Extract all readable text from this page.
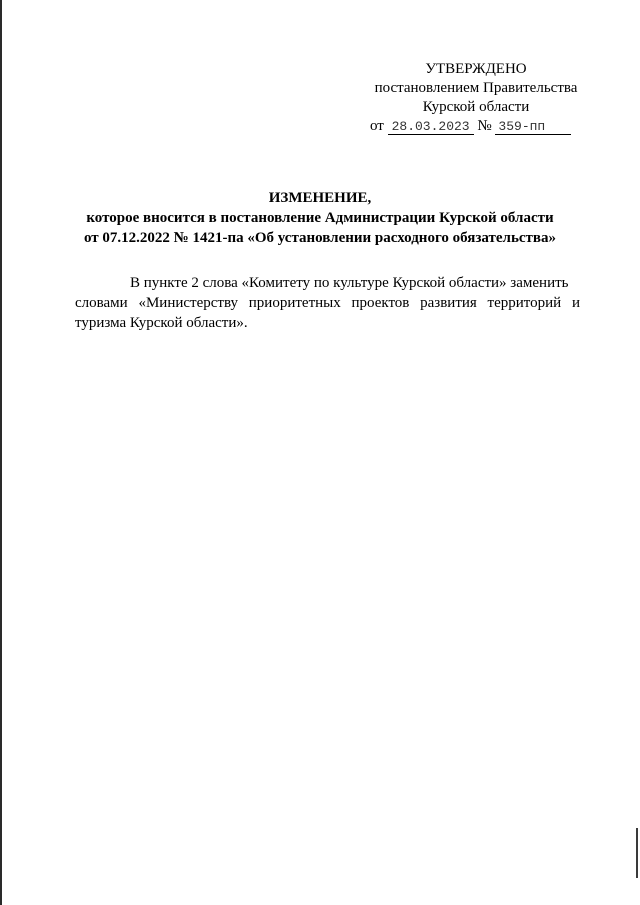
УТВЕРЖДЕНО
постановлением Правительства
Курской области
от 28.03.2023 № 359-пп
ИЗМЕНЕНИЕ,
которое вносится в постановление Администрации Курской области
от 07.12.2022 № 1421-па «Об установлении расходного обязательства»
В пункте 2 слова «Комитету по культуре Курской области» заменить
словами «Министерству приоритетных проектов развития территорий и
туризма Курской области».
